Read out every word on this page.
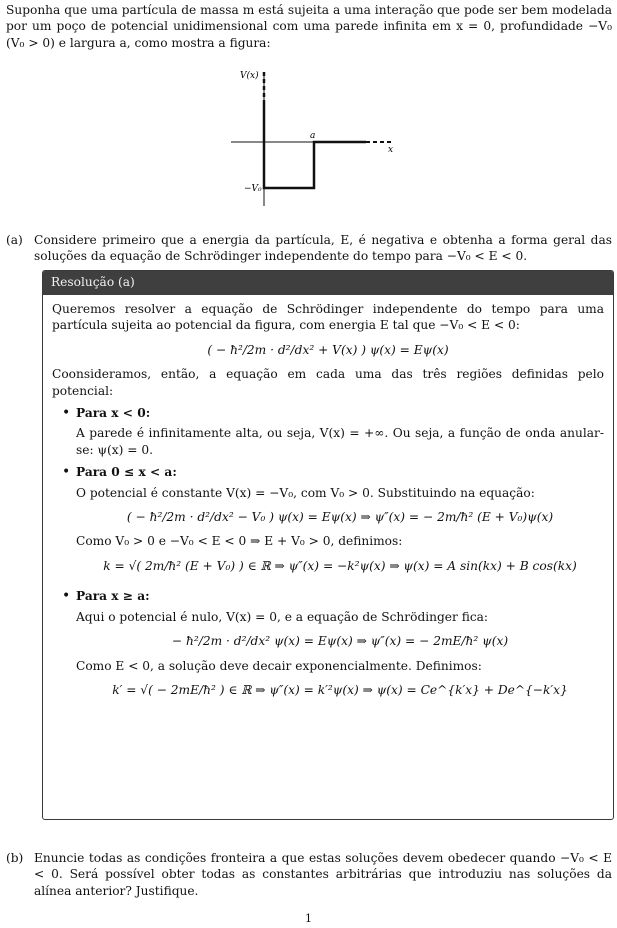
Suponha que uma partícula de massa m está sujeita a uma interação que pode ser bem modelada por um poço de potencial unidimensional com uma parede infinita em x = 0, profundidade −V₀ (V₀ > 0) e largura a, como mostra a figura:
V(x)
a
x
−V₀
(a) Considere primeiro que a energia da partícula, E, é negativa e obtenha a forma geral das soluções da equação de Schrödinger independente do tempo para −V₀ < E < 0.
Resolução (a)
Queremos resolver a equação de Schrödinger independente do tempo para uma partícula sujeita ao potencial da figura, com energia E tal que −V₀ < E < 0:
( − ħ²/2m · d²/dx² + V(x) ) ψ(x) = Eψ(x)
Coonsideramos, então, a equação em cada uma das três regiões definidas pelo potencial:
• Para x < 0:
A parede é infinitamente alta, ou seja, V(x) = +∞. Ou seja, a função de onda anular-se: ψ(x) = 0.
• Para 0 ≤ x < a:
O potencial é constante V(x) = −V₀, com V₀ > 0. Substituindo na equação:
( − ħ²/2m · d²/dx² − V₀ ) ψ(x) = Eψ(x) ⇒ ψ″(x) = − 2m/ħ² (E + V₀)ψ(x)
Como V₀ > 0 e −V₀ < E < 0 ⇒ E + V₀ > 0, definimos:
k = √( 2m/ħ² (E + V₀) ) ∈ ℝ ⇒ ψ″(x) = −k²ψ(x) ⇒ ψ(x) = A sin(kx) + B cos(kx)
• Para x ≥ a:
Aqui o potencial é nulo, V(x) = 0, e a equação de Schrödinger fica:
− ħ²/2m · d²/dx² ψ(x) = Eψ(x) ⇒ ψ″(x) = − 2mE/ħ² ψ(x)
Como E < 0, a solução deve decair exponencialmente. Definimos:
k′ = √( − 2mE/ħ² ) ∈ ℝ ⇒ ψ″(x) = k′²ψ(x) ⇒ ψ(x) = Ce^{k′x} + De^{−k′x}
(b) Enuncie todas as condições fronteira a que estas soluções devem obedecer quando −V₀ < E < 0. Será possível obter todas as constantes arbitrárias que introduziu nas soluções da alínea anterior? Justifique.
1
